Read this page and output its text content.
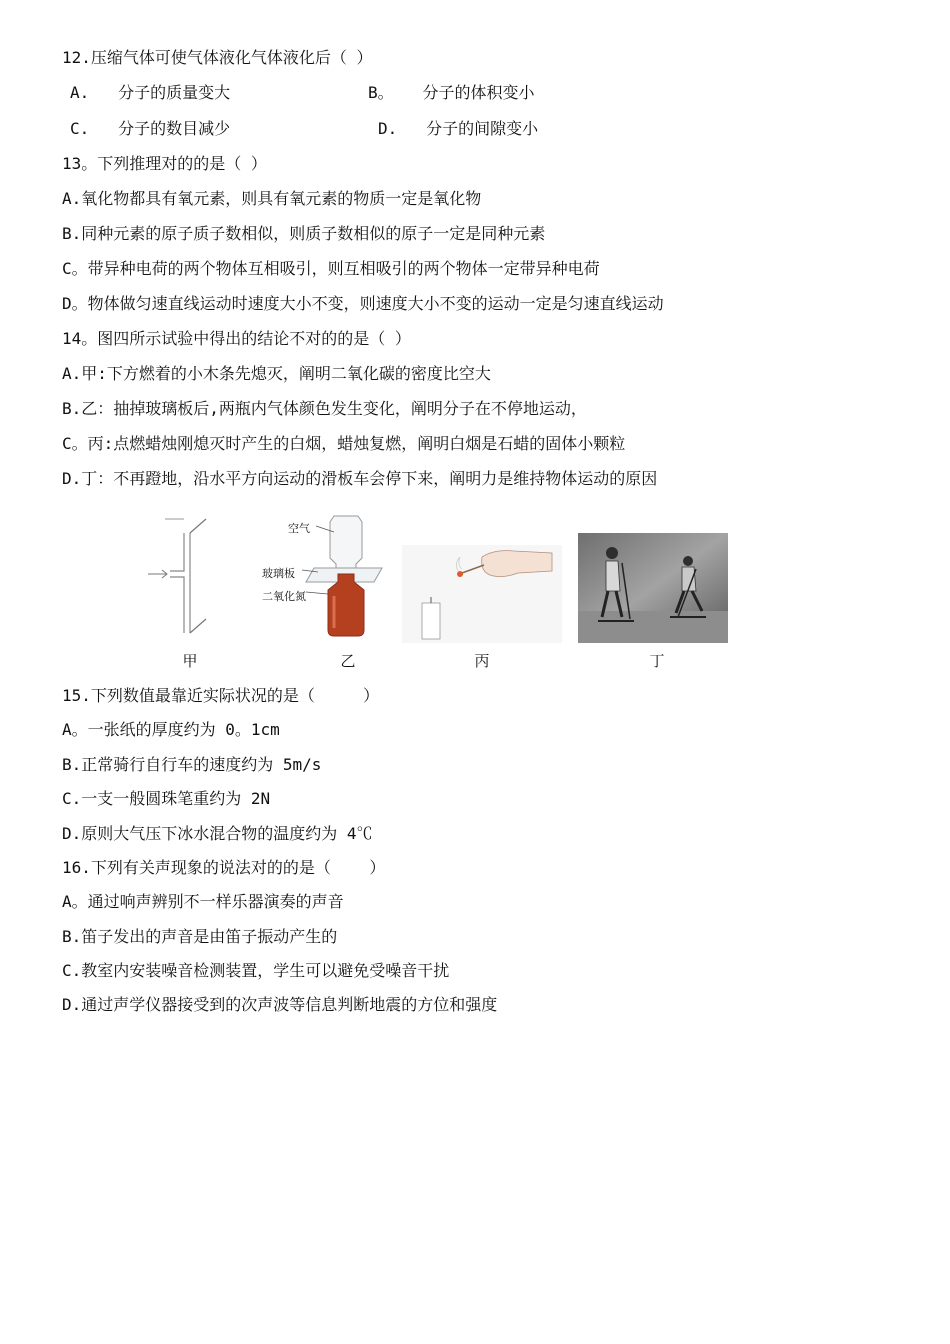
12.压缩气体可使气体液化气体液化后（ ）
A.   分子的质量变大	B。   分子的体积变小
C.   分子的数目减少	D.   分子的间隙变小
13。下列推理对的的是（ ）
A.氧化物都具有氧元素，则具有氧元素的物质一定是氧化物
B.同种元素的原子质子数相似，则质子数相似的原子一定是同种元素
C。带异种电荷的两个物体互相吸引，则互相吸引的两个物体一定带异种电荷
D。物体做匀速直线运动时速度大小不变，则速度大小不变的运动一定是匀速直线运动
14。图四所示试验中得出的结论不对的的是（ ）
A.甲:下方燃着的小木条先熄灭，阐明二氧化碳的密度比空大
B.乙：抽掉玻璃板后,两瓶内气体颜色发生变化，阐明分子在不停地运动，
C。丙:点燃蜡烛刚熄灭时产生的白烟，蜡烛复燃，阐明白烟是石蜡的固体小颗粒
D.丁：不再蹬地，沿水平方向运动的滑板车会停下来，阐明力是维持物体运动的原因
甲
空气
玻璃板
二氧化氮
乙	丙	丁
15.下列数值最靠近实际状况的是（     ）
A。一张纸的厚度约为 0。1cm
B.正常骑行自行车的速度约为 5m/s
C.一支一般圆珠笔重约为 2N
D.原则大气压下冰水混合物的温度约为 4℃
16.下列有关声现象的说法对的的是（    ）
A。通过响声辨别不一样乐器演奏的声音
B.笛子发出的声音是由笛子振动产生的
C.教室内安装噪音检测装置，学生可以避免受噪音干扰
D.通过声学仪器接受到的次声波等信息判断地震的方位和强度
